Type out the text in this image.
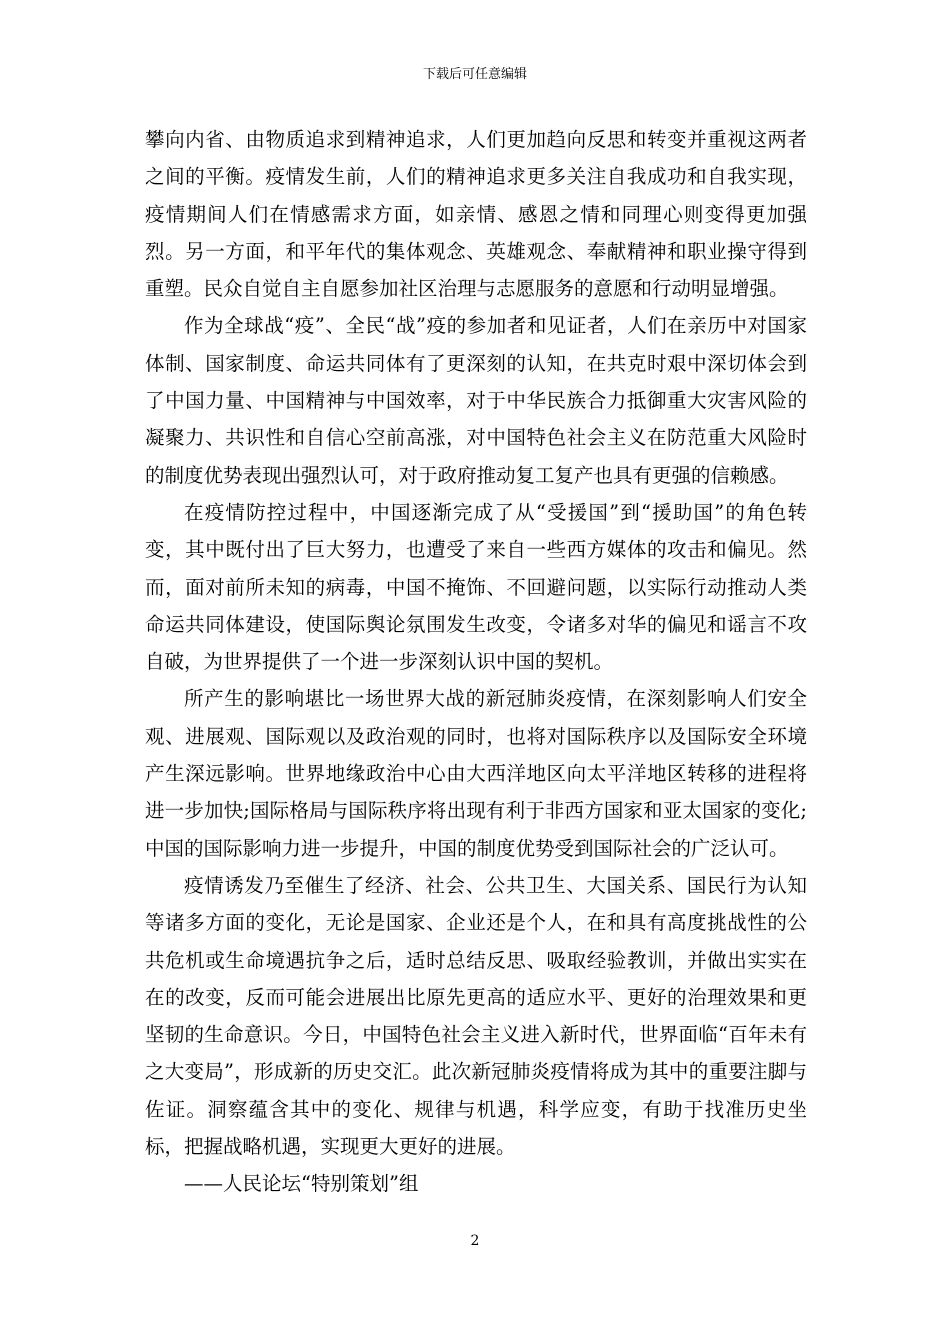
下载后可任意编辑

攀向内省、由物质追求到精神追求，人们更加趋向反思和转变并重视这两者之间的平衡。疫情发生前，人们的精神追求更多关注自我成功和自我实现，疫情期间人们在情感需求方面，如亲情、感恩之情和同理心则变得更加强烈。另一方面，和平年代的集体观念、英雄观念、奉献精神和职业操守得到重塑。民众自觉自主自愿参加社区治理与志愿服务的意愿和行动明显增强。

作为全球战“疫”、全民“战”疫的参加者和见证者，人们在亲历中对国家体制、国家制度、命运共同体有了更深刻的认知，在共克时艰中深切体会到了中国力量、中国精神与中国效率，对于中华民族合力抵御重大灾害风险的凝聚力、共识性和自信心空前高涨，对中国特色社会主义在防范重大风险时的制度优势表现出强烈认可，对于政府推动复工复产也具有更强的信赖感。

在疫情防控过程中，中国逐渐完成了从“受援国”到“援助国”的角色转变，其中既付出了巨大努力，也遭受了来自一些西方媒体的攻击和偏见。然而，面对前所未知的病毒，中国不掩饰、不回避问题，以实际行动推动人类命运共同体建设，使国际舆论氛围发生改变，令诸多对华的偏见和谣言不攻自破，为世界提供了一个进一步深刻认识中国的契机。

所产生的影响堪比一场世界大战的新冠肺炎疫情，在深刻影响人们安全观、进展观、国际观以及政治观的同时，也将对国际秩序以及国际安全环境产生深远影响。世界地缘政治中心由大西洋地区向太平洋地区转移的进程将进一步加快;国际格局与国际秩序将出现有利于非西方国家和亚太国家的变化;中国的国际影响力进一步提升，中国的制度优势受到国际社会的广泛认可。

疫情诱发乃至催生了经济、社会、公共卫生、大国关系、国民行为认知等诸多方面的变化，无论是国家、企业还是个人，在和具有高度挑战性的公共危机或生命境遇抗争之后，适时总结反思、吸取经验教训，并做出实实在在的改变，反而可能会进展出比原先更高的适应水平、更好的治理效果和更坚韧的生命意识。今日，中国特色社会主义进入新时代，世界面临“百年未有之大变局”，形成新的历史交汇。此次新冠肺炎疫情将成为其中的重要注脚与佐证。洞察蕴含其中的变化、规律与机遇，科学应变，有助于找准历史坐标，把握战略机遇，实现更大更好的进展。

——人民论坛“特别策划”组

2
